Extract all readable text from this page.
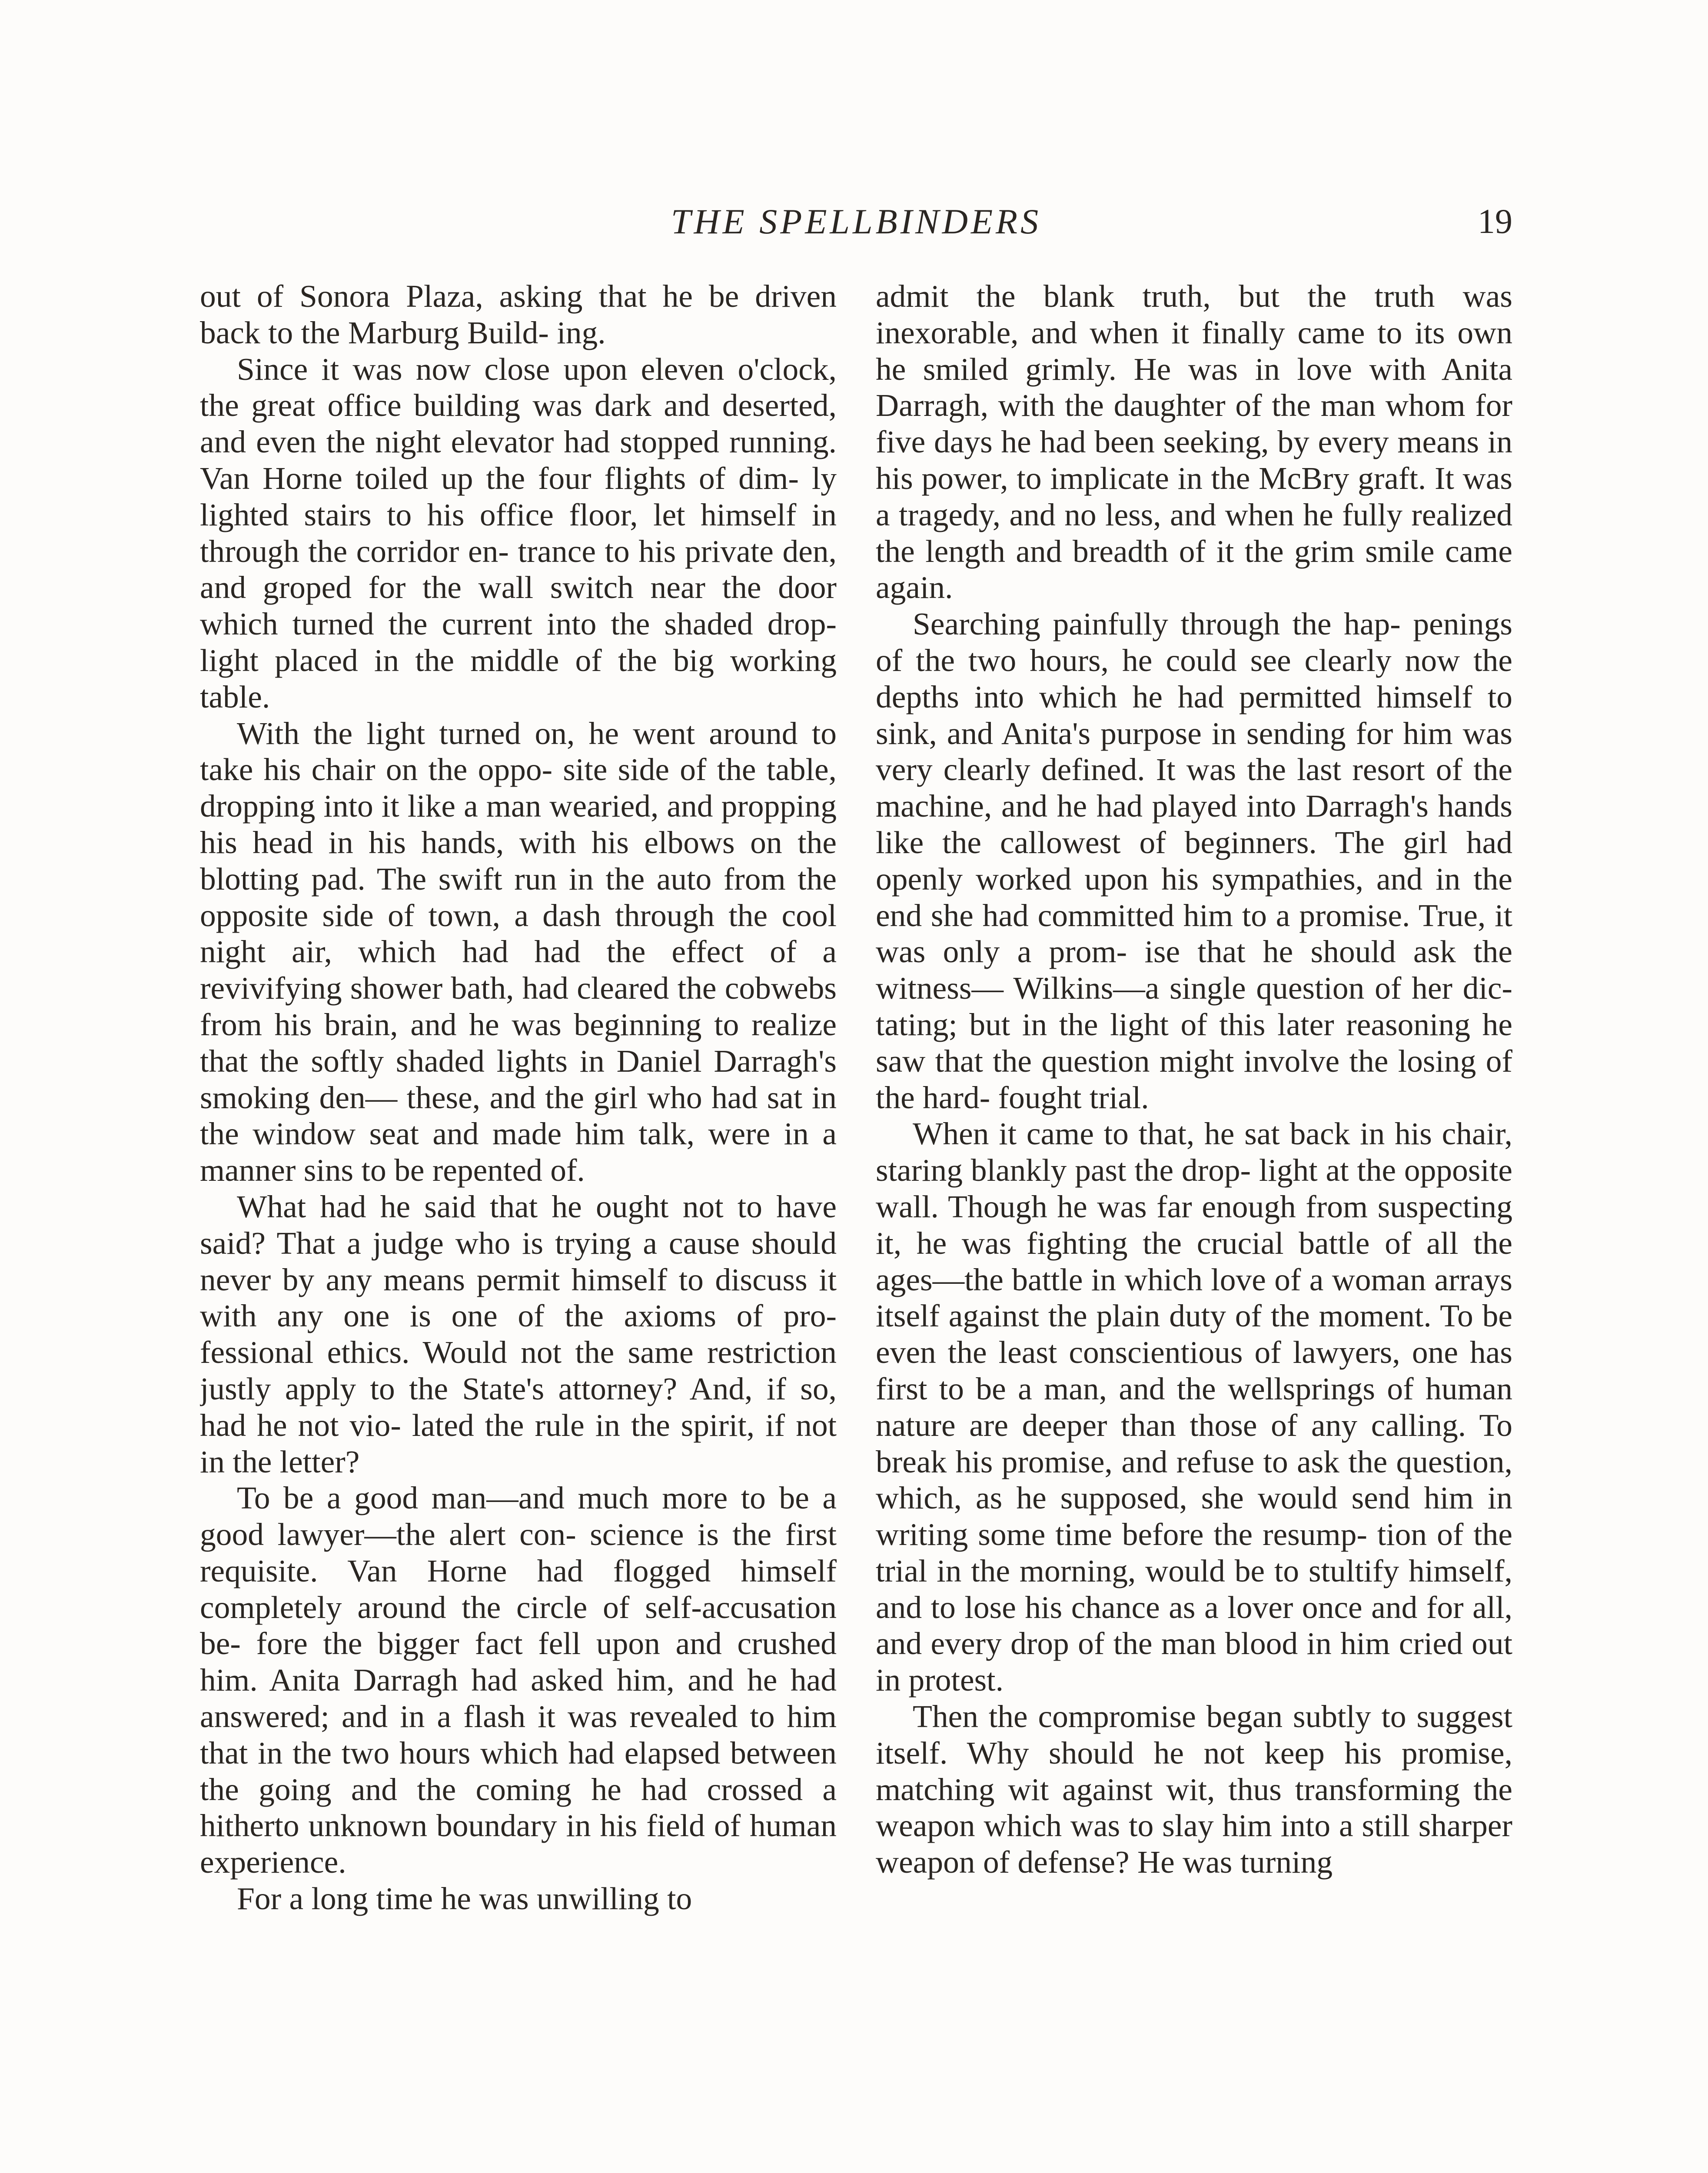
THE SPELLBINDERS	19

out of Sonora Plaza, asking that he be driven back to the Marburg Build- ing.

Since it was now close upon eleven o'clock, the great office building was dark and deserted, and even the night elevator had stopped running. Van Horne toiled up the four flights of dim- ly lighted stairs to his office floor, let himself in through the corridor en- trance to his private den, and groped for the wall switch near the door which turned the current into the shaded drop- light placed in the middle of the big working table.

With the light turned on, he went around to take his chair on the oppo- site side of the table, dropping into it like a man wearied, and propping his head in his hands, with his elbows on the blotting pad. The swift run in the auto from the opposite side of town, a dash through the cool night air, which had had the effect of a revivifying shower bath, had cleared the cobwebs from his brain, and he was beginning to realize that the softly shaded lights in Daniel Darragh's smoking den— these, and the girl who had sat in the window seat and made him talk, were in a manner sins to be repented of.

What had he said that he ought not to have said? That a judge who is trying a cause should never by any means permit himself to discuss it with any one is one of the axioms of pro- fessional ethics. Would not the same restriction justly apply to the State's attorney? And, if so, had he not vio- lated the rule in the spirit, if not in the letter?

To be a good man—and much more to be a good lawyer—the alert con- science is the first requisite. Van Horne had flogged himself completely around the circle of self-accusation be- fore the bigger fact fell upon and crushed him. Anita Darragh had asked him, and he had answered; and in a flash it was revealed to him that in the two hours which had elapsed between the going and the coming he had crossed a hitherto unknown boundary in his field of human experience.

For a long time he was unwilling to

admit the blank truth, but the truth was inexorable, and when it finally came to its own he smiled grimly. He was in love with Anita Darragh, with the daughter of the man whom for five days he had been seeking, by every means in his power, to implicate in the McBry graft. It was a tragedy, and no less, and when he fully realized the length and breadth of it the grim smile came again.

Searching painfully through the hap- penings of the two hours, he could see clearly now the depths into which he had permitted himself to sink, and Anita's purpose in sending for him was very clearly defined. It was the last resort of the machine, and he had played into Darragh's hands like the callowest of beginners. The girl had openly worked upon his sympathies, and in the end she had committed him to a promise. True, it was only a prom- ise that he should ask the witness— Wilkins—a single question of her dic- tating; but in the light of this later reasoning he saw that the question might involve the losing of the hard- fought trial.

When it came to that, he sat back in his chair, staring blankly past the drop- light at the opposite wall. Though he was far enough from suspecting it, he was fighting the crucial battle of all the ages—the battle in which love of a woman arrays itself against the plain duty of the moment. To be even the least conscientious of lawyers, one has first to be a man, and the wellsprings of human nature are deeper than those of any calling. To break his promise, and refuse to ask the question, which, as he supposed, she would send him in writing some time before the resump- tion of the trial in the morning, would be to stultify himself, and to lose his chance as a lover once and for all, and every drop of the man blood in him cried out in protest.

Then the compromise began subtly to suggest itself. Why should he not keep his promise, matching wit against wit, thus transforming the weapon which was to slay him into a still sharper weapon of defense? He was turning
